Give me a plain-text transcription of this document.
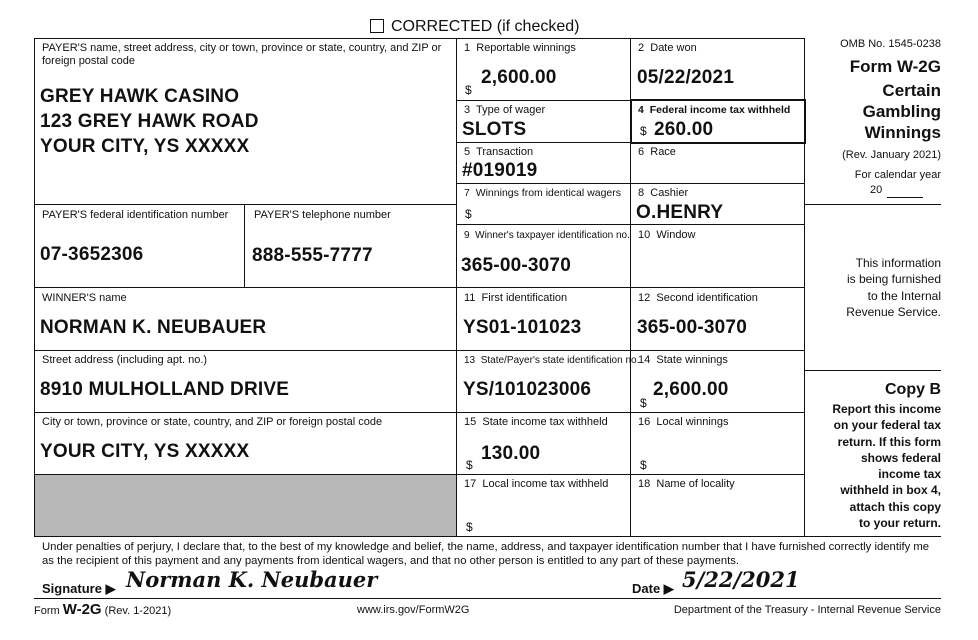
CORRECTED (if checked)
PAYER'S name, street address, city or town, province or state, country, and ZIP or foreign postal code
GREY HAWK CASINO
123 GREY HAWK ROAD
YOUR CITY, YS XXXXX
PAYER'S federal identification number
07-3652306
PAYER'S telephone number
888-555-7777
WINNER'S name
NORMAN K. NEUBAUER
Street address (including apt. no.)
8910 MULHOLLAND DRIVE
City or town, province or state, country, and ZIP or foreign postal code
YOUR CITY, YS XXXXX
1 Reportable winnings
$
2,600.00
2 Date won
05/22/2021
3 Type of wager
SLOTS
4 Federal income tax withheld
$ 260.00
5 Transaction
#019019
6 Race
7 Winnings from identical wagers
$
8 Cashier
O.HENRY
9 Winner's taxpayer identification no.
365-00-3070
10 Window
11 First identification
YS01-101023
12 Second identification
365-00-3070
13 State/Payer's state identification no.
YS/101023006
14 State winnings
$
2,600.00
15 State income tax withheld
$
130.00
16 Local winnings
$
17 Local income tax withheld
$
18 Name of locality
OMB No. 1545-0238
Form W-2G
Certain
Gambling
Winnings
(Rev. January 2021)
For calendar year
20
This information
is being furnished
to the Internal
Revenue Service.
Copy B
Report this income
on your federal tax
return. If this form
shows federal
income tax
withheld in box 4,
attach this copy
to your return.
Under penalties of perjury, I declare that, to the best of my knowledge and belief, the name, address, and taxpayer identification number that I have furnished correctly identify me as the recipient of this payment and any payments from identical wagers, and that no other person is entitled to any part of these payments.
Signature ▶ Norman K. Neubauer	Date ▶ 5/22/2021
Form W-2G (Rev. 1-2021)	www.irs.gov/FormW2G	Department of the Treasury - Internal Revenue Service
